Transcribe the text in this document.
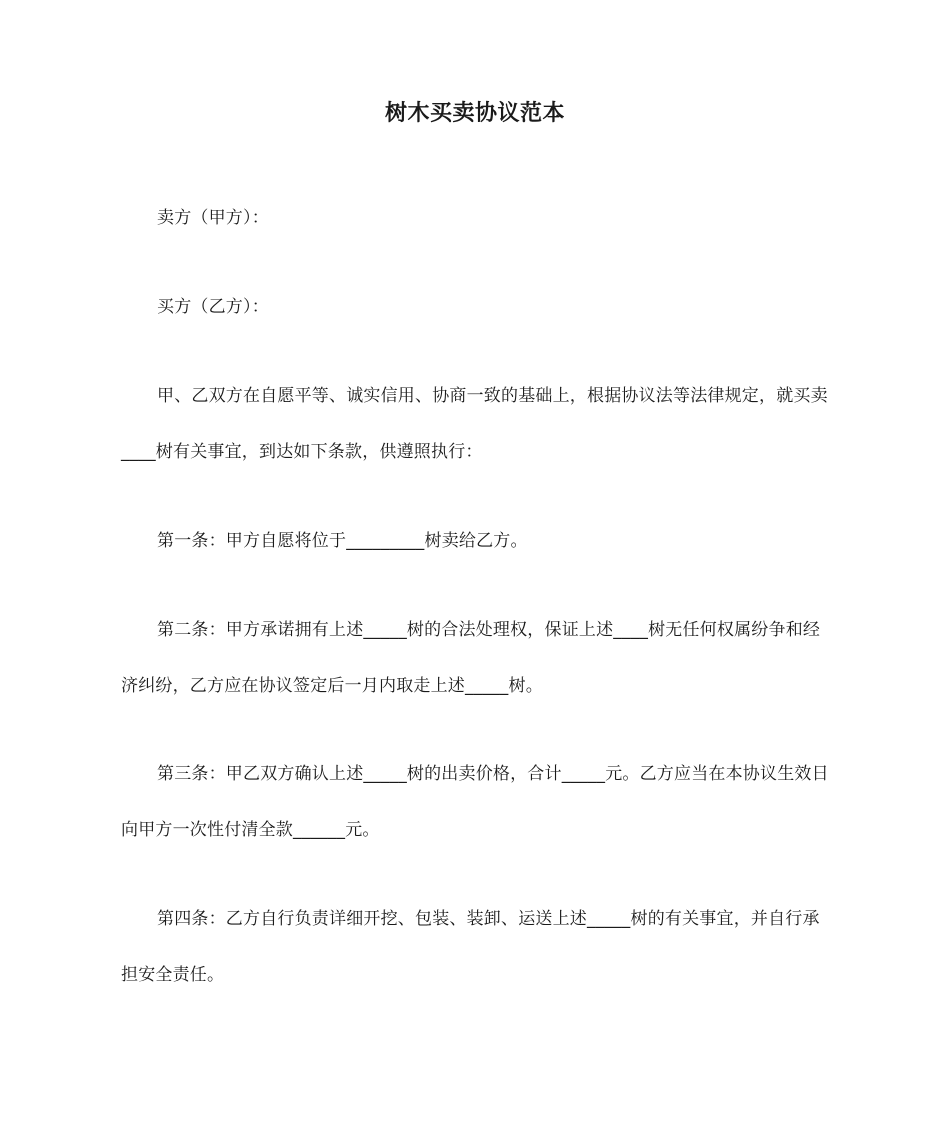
树木买卖协议范本

卖方（甲方）：

买方（乙方）：

甲、乙双方在自愿平等、诚实信用、协商一致的基础上，根据协议法等法律规定，就买卖____树有关事宜，到达如下条款，供遵照执行：

第一条：甲方自愿将位于_________树卖给乙方。

第二条：甲方承诺拥有上述_____树的合法处理权，保证上述____树无任何权属纷争和经济纠纷，乙方应在协议签定后一月内取走上述_____树。

第三条：甲乙双方确认上述_____树的出卖价格，合计_____元。乙方应当在本协议生效日向甲方一次性付清全款______元。

第四条：乙方自行负责详细开挖、包装、装卸、运送上述_____树的有关事宜，并自行承担安全责任。
